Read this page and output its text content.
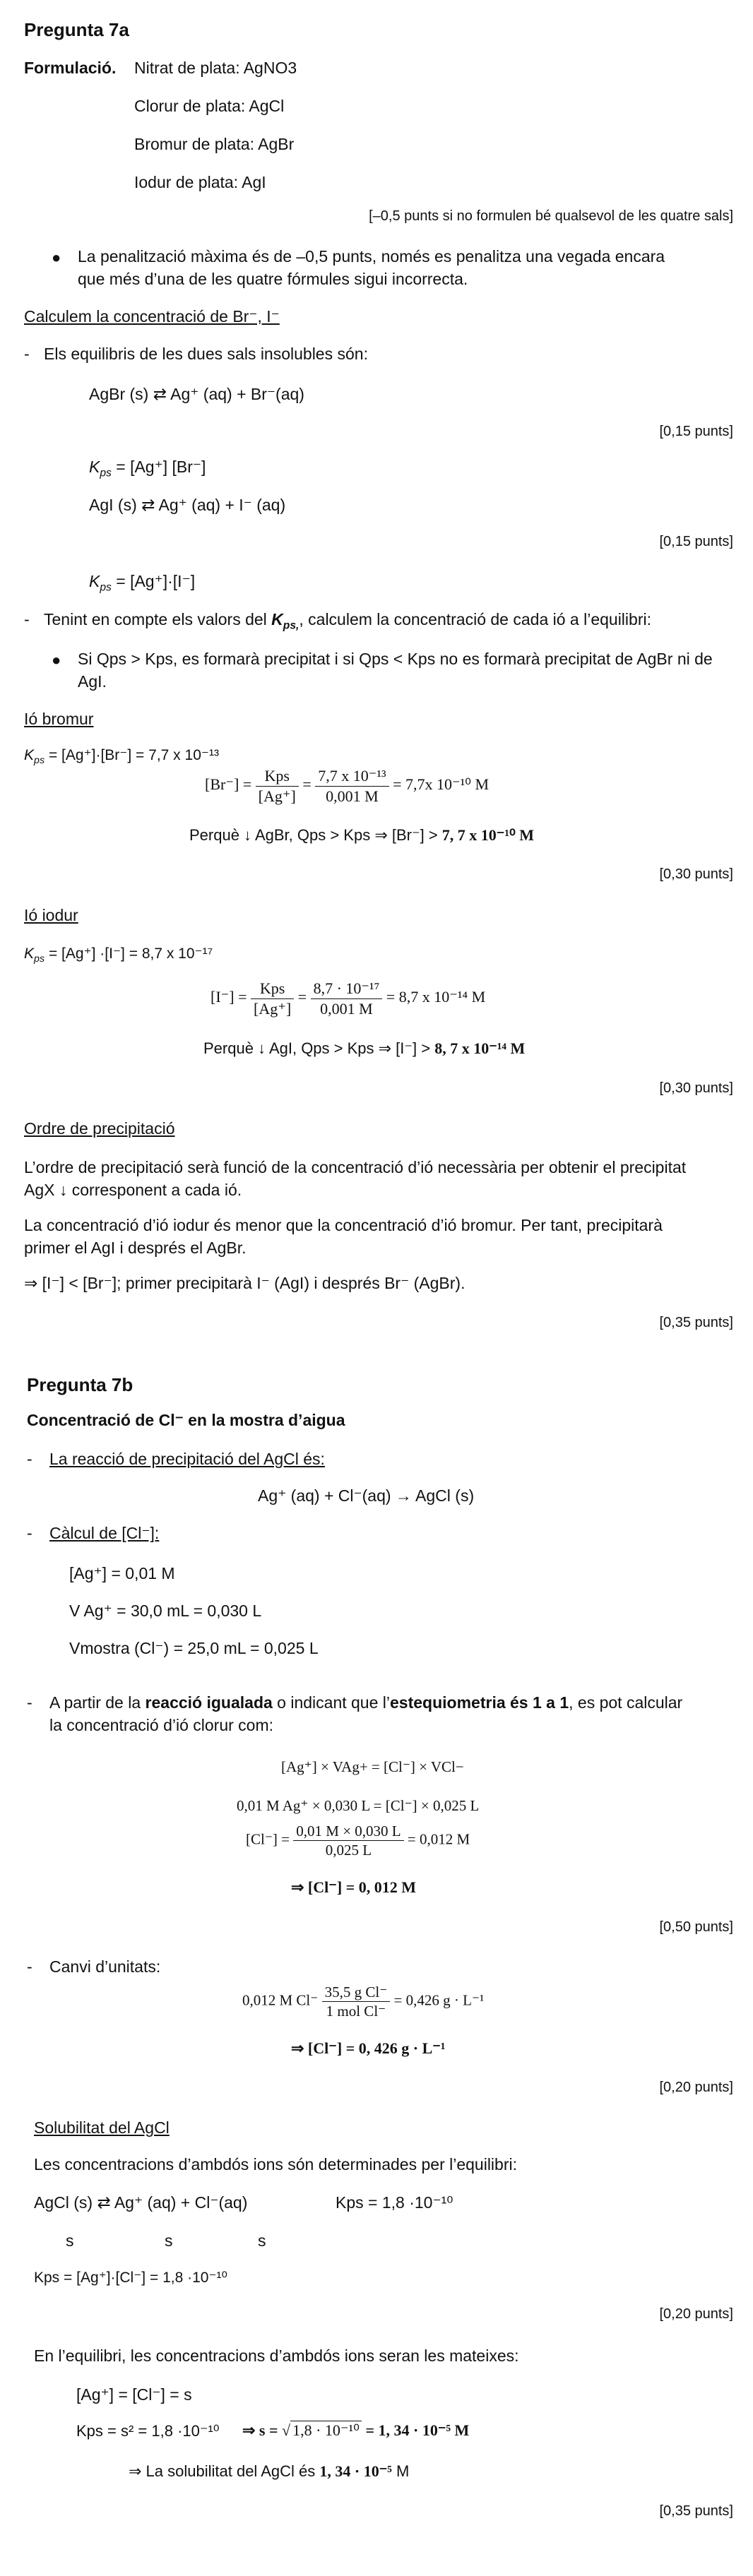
Pregunta 7a
Formulació. Nitrat de plata: AgNO3
Clorur de plata: AgCl
Bromur de plata: AgBr
Iodur de plata: AgI
[–0,5 punts si no formulen bé qualsevol de les quatre sals]
● La penalització màxima és de –0,5 punts, només es penalitza una vegada encara
que més d’una de les quatre fórmules sigui incorrecta.
Calculem la concentració de Br⁻, I⁻
- Els equilibris de les dues sals insolubles són:
AgBr (s) ⇄ Ag⁺ (aq) + Br⁻(aq)
[0,15 punts]
$K_{ps} = [Ag^+]$ [Br⁻]
AgI (s) ⇄ Ag⁺ (aq) + I⁻ (aq)
[0,15 punts]
$K_{ps} = [Ag^+]\cdot[I^-]$
- Tenint en compte els valors del $K_{ps,}$, calculem la concentració de cada ió a l’equilibri:
● Si Qps > Kps, es formarà precipitat i si Qps < Kps no es formarà precipitat de AgBr ni de
AgI.
Ió bromur
$K_{ps} = [Ag^+]\cdot[Br^-] = 7,7$ x 10⁻¹³
$[Br^-] = \frac{\text{Kps}}{[Ag^+]} = \frac{\text{7,7 x 10⁻¹³}}{0,001 M} = 7,7x$ 10⁻¹⁰ M
Perquè ↓ AgBr, Qps > Kps ⇒ [Br⁻] > 7, 7 x 10⁻¹⁰ M
[0,30 punts]
Ió iodur
$K_{ps} = [Ag^+] \cdot[I^-] = 8,7$ x 10⁻¹⁷
$[I^-] = \frac{\text{Kps}}{[Ag^+]} = \frac{\text{8,7 · 10⁻¹⁷}}{0,001 M} = 8,7$ x 10⁻¹⁴ M
Perquè ↓ AgI, Qps > Kps ⇒ [I⁻] > 8, 7 x 10⁻¹⁴ M
[0,30 punts]
Ordre de precipitació
L’ordre de precipitació serà funció de la concentració d’ió necessària per obtenir el precipitat
AgX ↓ corresponent a cada ió.
La concentració d’ió iodur és menor que la concentració d’ió bromur. Per tant, precipitarà
primer el AgI i després el AgBr.
⇒ [I⁻] < [Br⁻]; primer precipitarà I⁻ (AgI) i després Br⁻ (AgBr).
[0,35 punts]
Pregunta 7b
Concentració de Cl⁻ en la mostra d’aigua
- La reacció de precipitació del AgCl és:
Ag⁺ (aq) + Cl⁻(aq) → AgCl (s)
- Càlcul de [Cl⁻]:
[Ag⁺] = 0,01 M
V Ag⁺ = 30,0 mL = 0,030 L
Vmostra (Cl⁻) = 25,0 mL = 0,025 L
- A partir de la reacció igualada o indicant que l’estequiometria és 1 a 1, es pot calcular
la concentració d’ió clorur com:
[Ag⁺] × VAg+ = [Cl⁻] × VCl−
0,01 M Ag⁺ × 0,030 L = [Cl⁻] × 0,025 L
$[Cl^-] = \frac{0,01 M \times 0,030 L}{0,025 L} = 0,012$ M
⇒ [Cl⁻] = 0, 012 M
[0,50 punts]
- Canvi d’unitats:
0,012 M $Cl^- \frac{\text{35,5 g Cl⁻}}{\text{1 mol Cl⁻}} = 0,426$ g · L⁻¹
⇒ [Cl⁻] = 0, 426 g · L⁻¹
[0,20 punts]
Solubilitat del AgCl
Les concentracions d’ambdós ions són determinades per l’equilibri:
AgCl (s) ⇄ Ag⁺ (aq) + Cl⁻(aq)	Kps = 1,8 ·10⁻¹⁰
s	s	s
Kps = [Ag⁺]·[Cl⁻] = 1,8 ·10⁻¹⁰
[0,20 punts]
En l’equilibri, les concentracions d’ambdós ions seran les mateixes:
[Ag⁺] = [Cl⁻] = s
Kps = s² = 1,8 ·10⁻¹⁰ ⇒ s = √ 1,8 · 10⁻¹⁰ = 1, 34 · 10⁻⁵ M
⇒ La solubilitat del AgCl és 1, 34 · 10⁻⁵ M
[0,35 punts]
